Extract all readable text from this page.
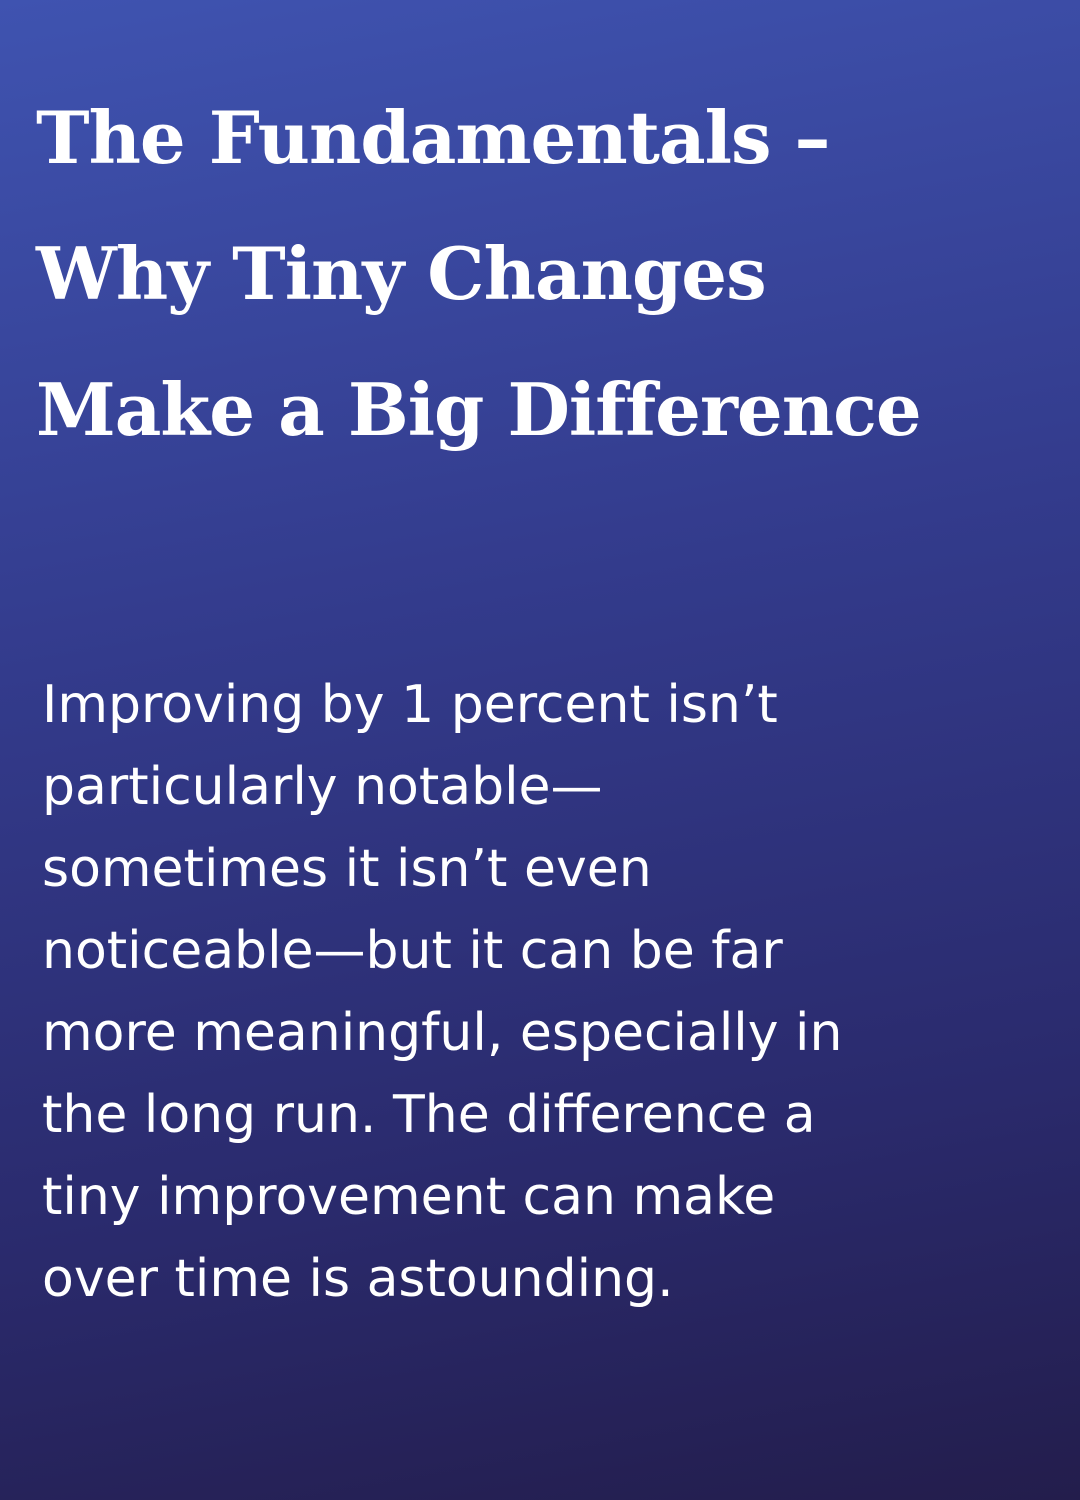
The Fundamentals –
Why Tiny Changes
Make a Big Difference

Improving by 1 percent isn’t
particularly notable—
sometimes it isn’t even
noticeable—but it can be far
more meaningful, especially in
the long run. The difference a
tiny improvement can make
over time is astounding.
